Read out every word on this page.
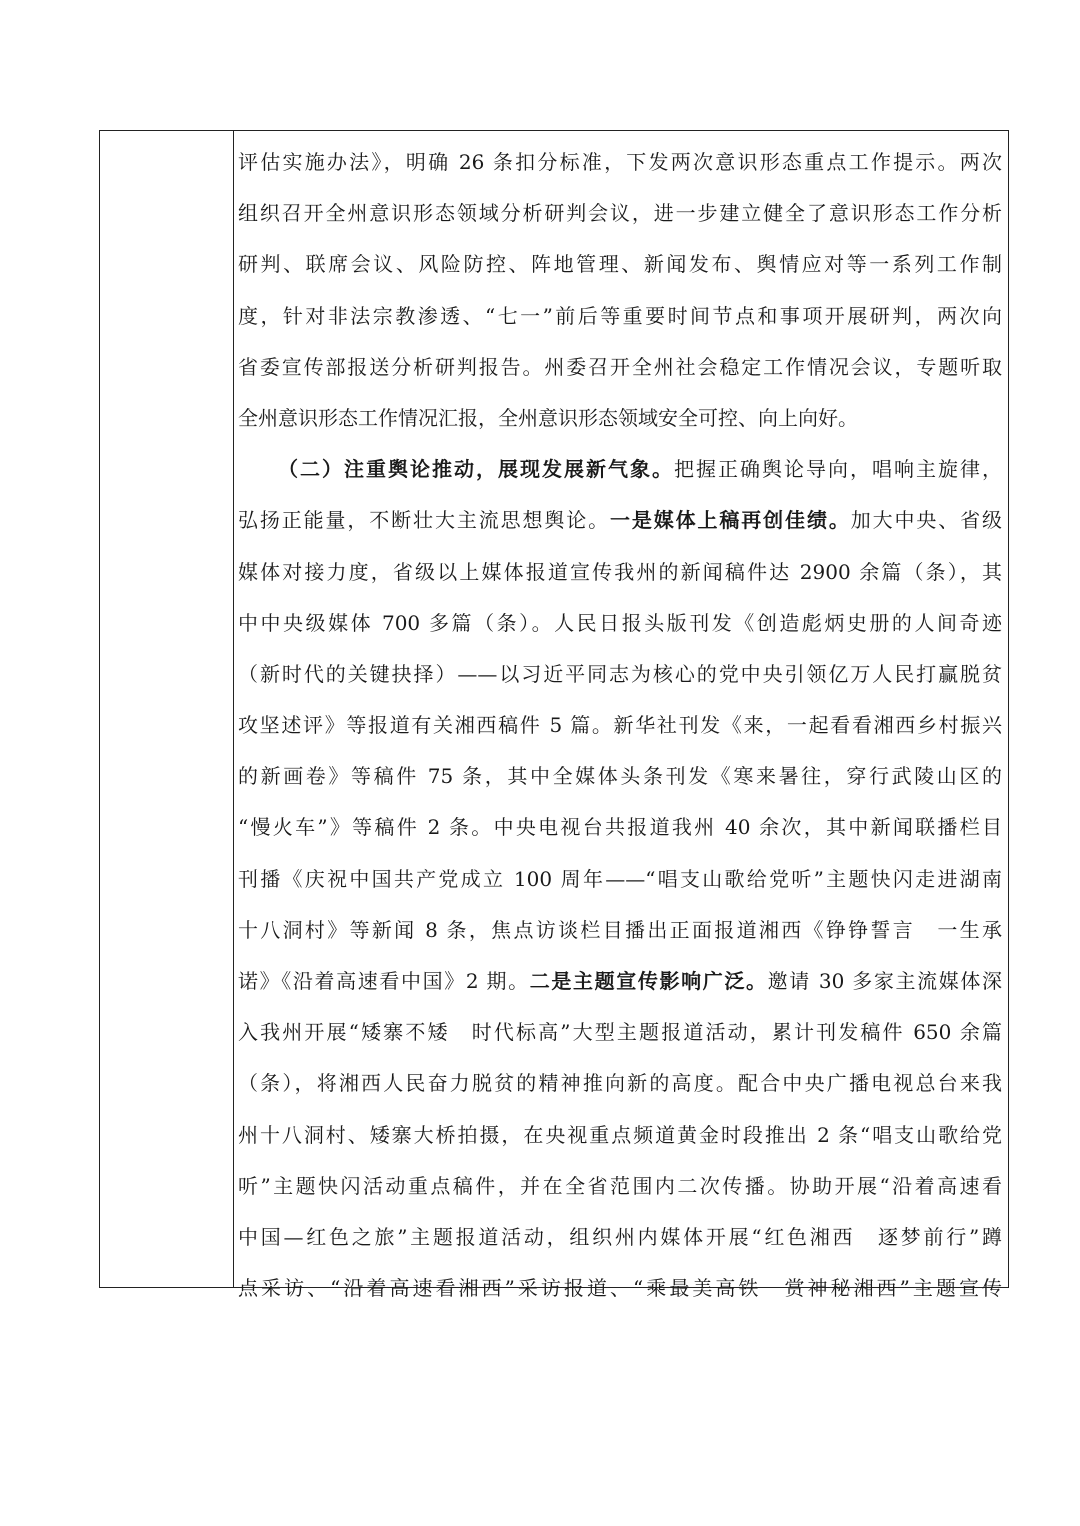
评估实施办法》，明确 26 条扣分标准，下发两次意识形态重点工作提示。两次
组织召开全州意识形态领域分析研判会议，进一步建立健全了意识形态工作分析
研判、联席会议、风险防控、阵地管理、新闻发布、舆情应对等一系列工作制
度，针对非法宗教渗透、“七一”前后等重要时间节点和事项开展研判，两次向
省委宣传部报送分析研判报告。州委召开全州社会稳定工作情况会议，专题听取
全州意识形态工作情况汇报，全州意识形态领域安全可控、向上向好。
（二）注重舆论推动，展现发展新气象。把握正确舆论导向，唱响主旋律，
弘扬正能量，不断壮大主流思想舆论。一是媒体上稿再创佳绩。加大中央、省级
媒体对接力度，省级以上媒体报道宣传我州的新闻稿件达 2900 余篇（条），其
中中央级媒体 700 多篇（条）。人民日报头版刊发《创造彪炳史册的人间奇迹
（新时代的关键抉择）——以习近平同志为核心的党中央引领亿万人民打赢脱贫
攻坚述评》等报道有关湘西稿件 5 篇。新华社刊发《来，一起看看湘西乡村振兴
的新画卷》等稿件 75 条，其中全媒体头条刊发《寒来暑往，穿行武陵山区的
“慢火车”》等稿件 2 条。中央电视台共报道我州 40 余次，其中新闻联播栏目
刊播《庆祝中国共产党成立 100 周年——“唱支山歌给党听”主题快闪走进湖南
十八洞村》等新闻 8 条，焦点访谈栏目播出正面报道湘西《铮铮誓言　一生承
诺》《沿着高速看中国》2 期。二是主题宣传影响广泛。邀请 30 多家主流媒体深
入我州开展“矮寨不矮　时代标高”大型主题报道活动，累计刊发稿件 650 余篇
（条），将湘西人民奋力脱贫的精神推向新的高度。配合中央广播电视总台来我
州十八洞村、矮寨大桥拍摄，在央视重点频道黄金时段推出 2 条“唱支山歌给党
听”主题快闪活动重点稿件，并在全省范围内二次传播。协助开展“沿着高速看
中国—红色之旅”主题报道活动，组织州内媒体开展“红色湘西　逐梦前行”蹲
点采访、“沿着高速看湘西”采访报道、“乘最美高铁　赏神秘湘西”主题宣传
